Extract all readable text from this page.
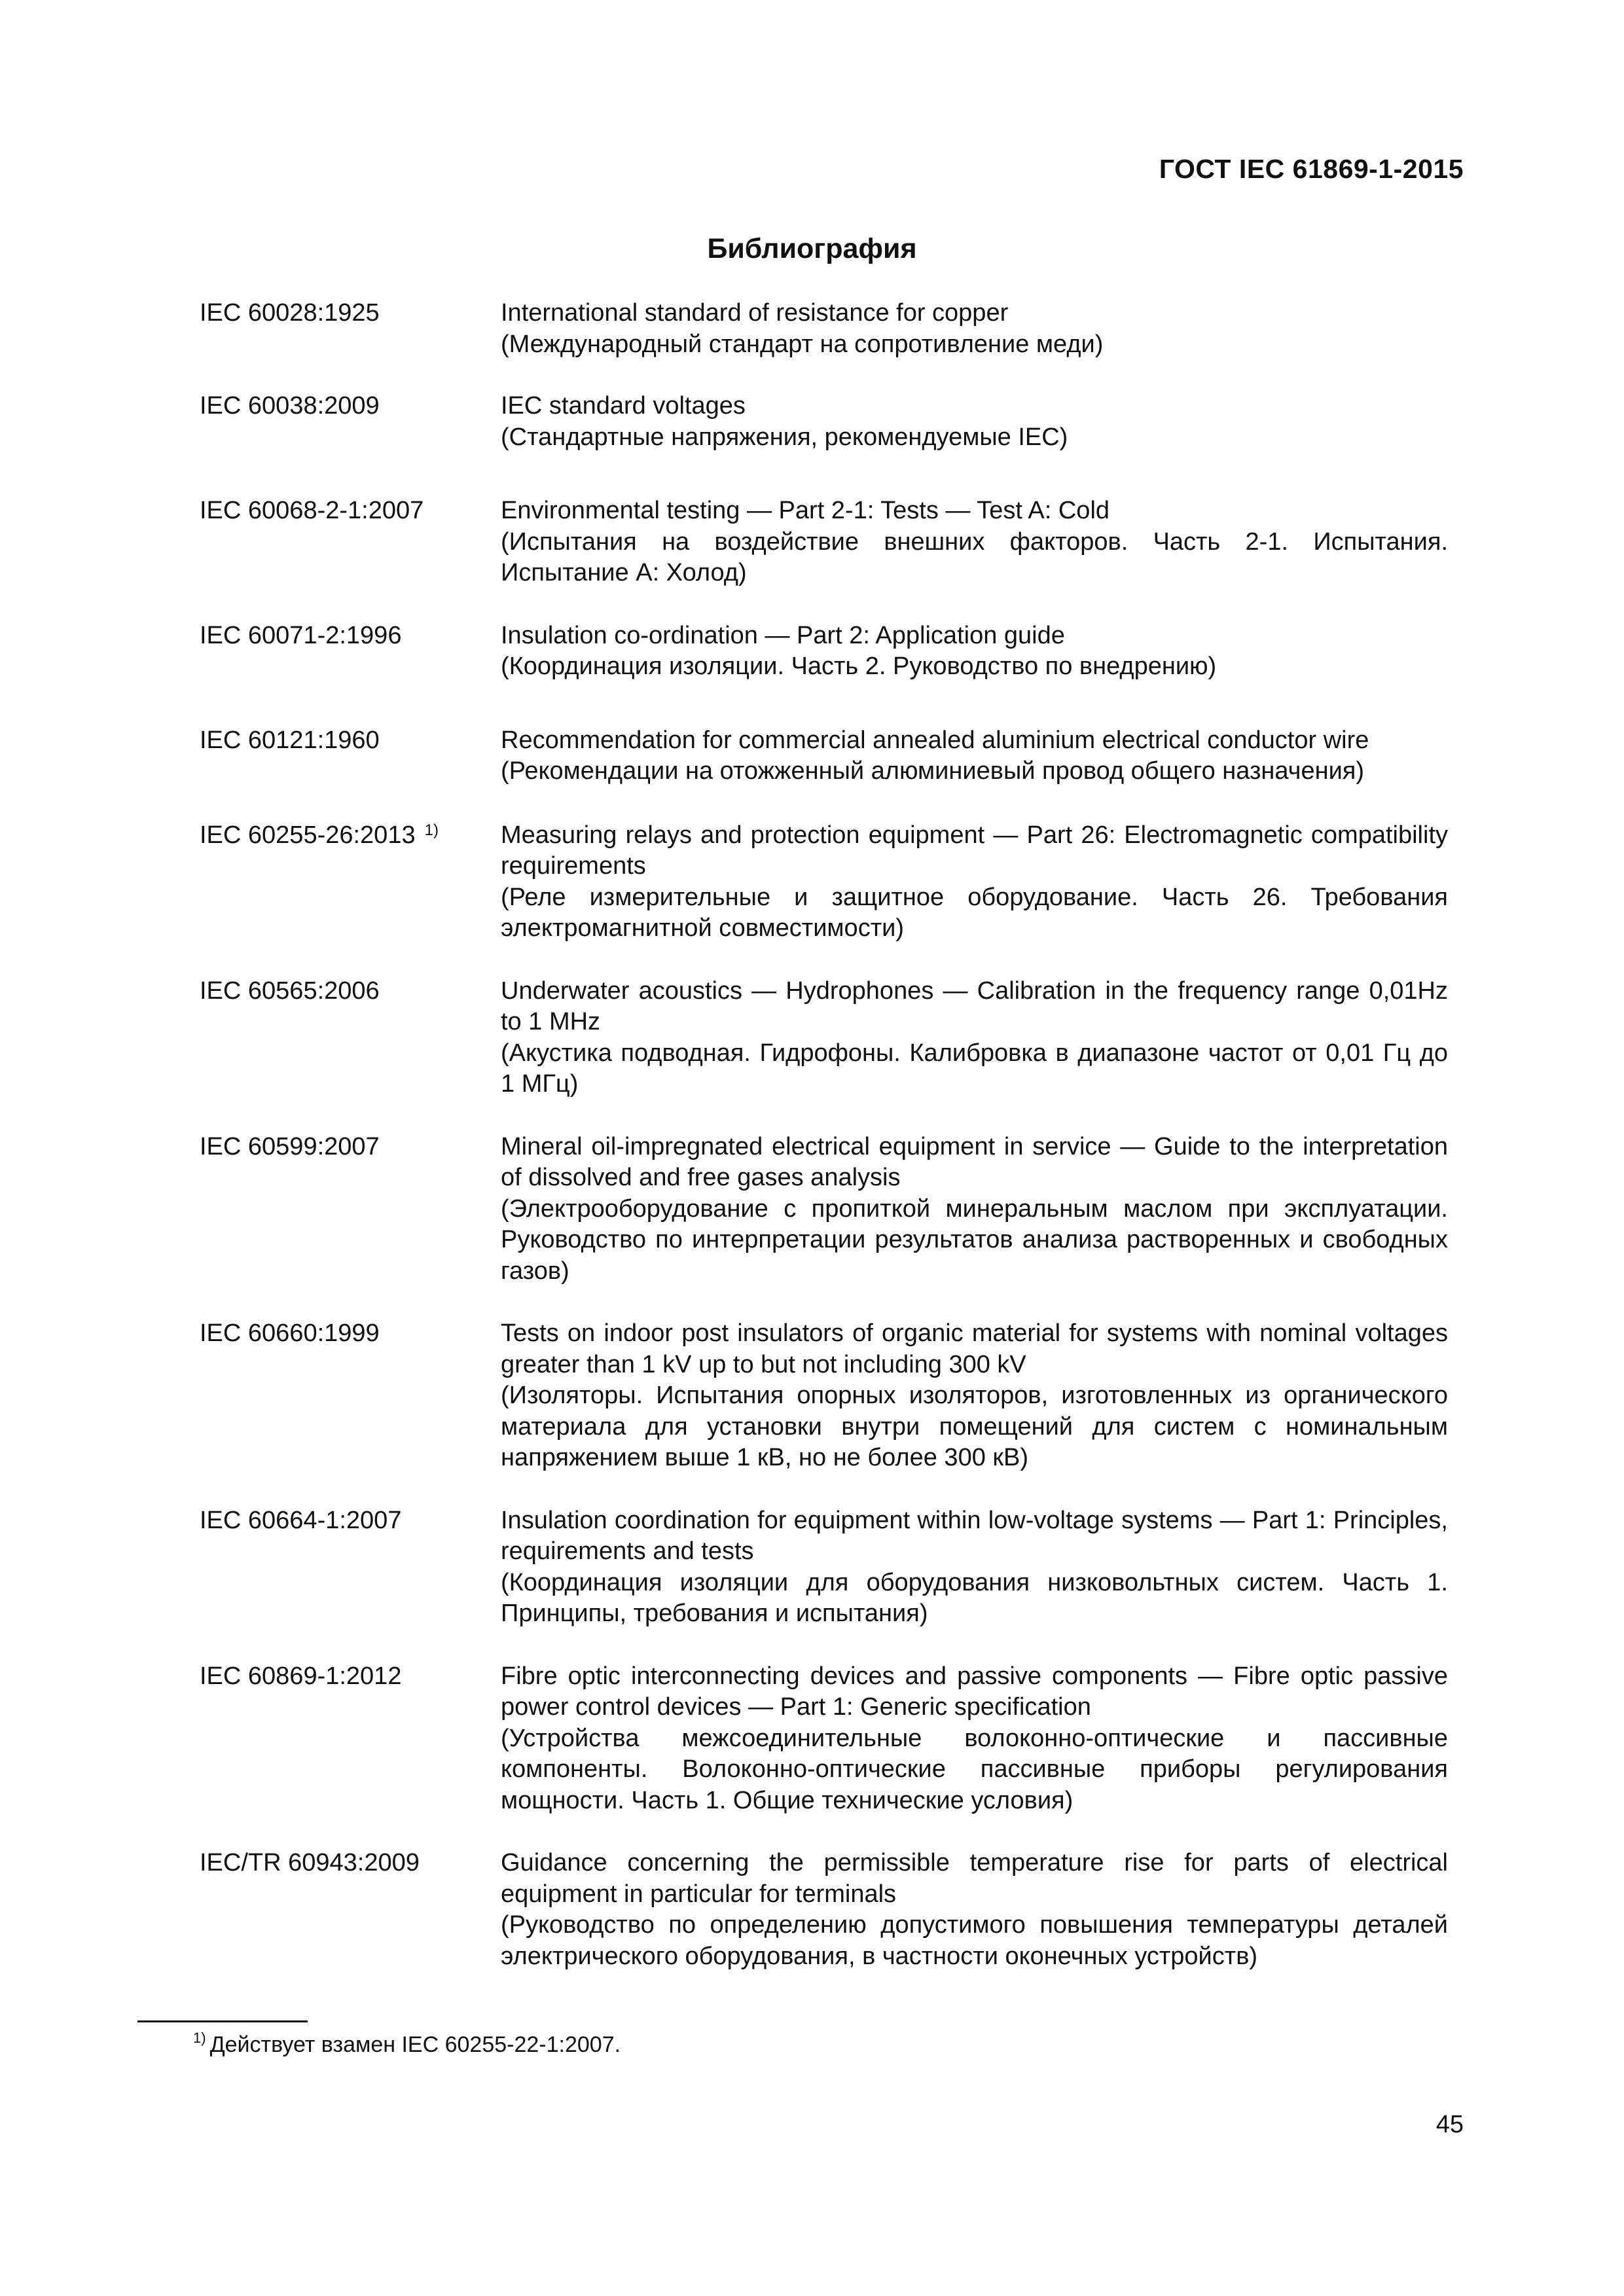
ГОСТ IEC 61869-1-2015
Библиография
IEC 60028:1925	International standard of resistance for copper
(Международный стандарт на сопротивление меди)
IEC 60038:2009	IEC standard voltages
(Стандартные напряжения, рекомендуемые IEC)
IEC 60068-2-1:2007	Environmental testing — Part 2-1: Tests — Test A: Cold
(Испытания на воздействие внешних факторов. Часть 2-1. Испытания. Испытание А: Холод)
IEC 60071-2:1996	Insulation co-ordination — Part 2: Application guide
(Координация изоляции. Часть 2. Руководство по внедрению)
IEC 60121:1960	Recommendation for commercial annealed aluminium electrical conductor wire
(Рекомендации на отожженный алюминиевый провод общего назначения)
IEC 60255-26:2013 $^{1)}$	Measuring relays and protection equipment — Part 26: Electromagnetic compatibility requirements
(Реле измерительные и защитное оборудование. Часть 26. Требования электромагнитной совместимости)
IEC 60565:2006	Underwater acoustics — Hydrophones — Calibration in the frequency range 0,01Hz to 1 MHz
(Акустика подводная. Гидрофоны. Калибровка в диапазоне частот от 0,01 Гц до 1 МГц)
IEC 60599:2007	Mineral oil-impregnated electrical equipment in service — Guide to the interpretation of dissolved and free gases analysis
(Электрооборудование с пропиткой минеральным маслом при эксплуатации. Руководство по интерпретации результатов анализа растворенных и свободных газов)
IEC 60660:1999	Tests on indoor post insulators of organic material for systems with nominal voltages greater than 1 kV up to but not including 300 kV
(Изоляторы. Испытания опорных изоляторов, изготовленных из органического материала для установки внутри помещений для систем с номинальным напряжением выше 1 кВ, но не более 300 кВ)
IEC 60664-1:2007	Insulation coordination for equipment within low-voltage systems — Part 1: Principles, requirements and tests
(Координация изоляции для оборудования низковольтных систем. Часть 1. Принципы, требования и испытания)
IEC 60869-1:2012	Fibre optic interconnecting devices and passive components — Fibre optic passive power control devices — Part 1: Generic specification
(Устройства межсоединительные волоконно-оптические и пассивные компоненты. Волоконно-оптические пассивные приборы регулирования мощности. Часть 1. Общие технические условия)
IEC/TR 60943:2009	Guidance concerning the permissible temperature rise for parts of electrical equipment in particular for terminals
(Руководство по определению допустимого повышения температуры деталей электрического оборудования, в частности оконечных устройств)
$^{1)}$ Действует взамен IEC 60255-22-1:2007.
45
